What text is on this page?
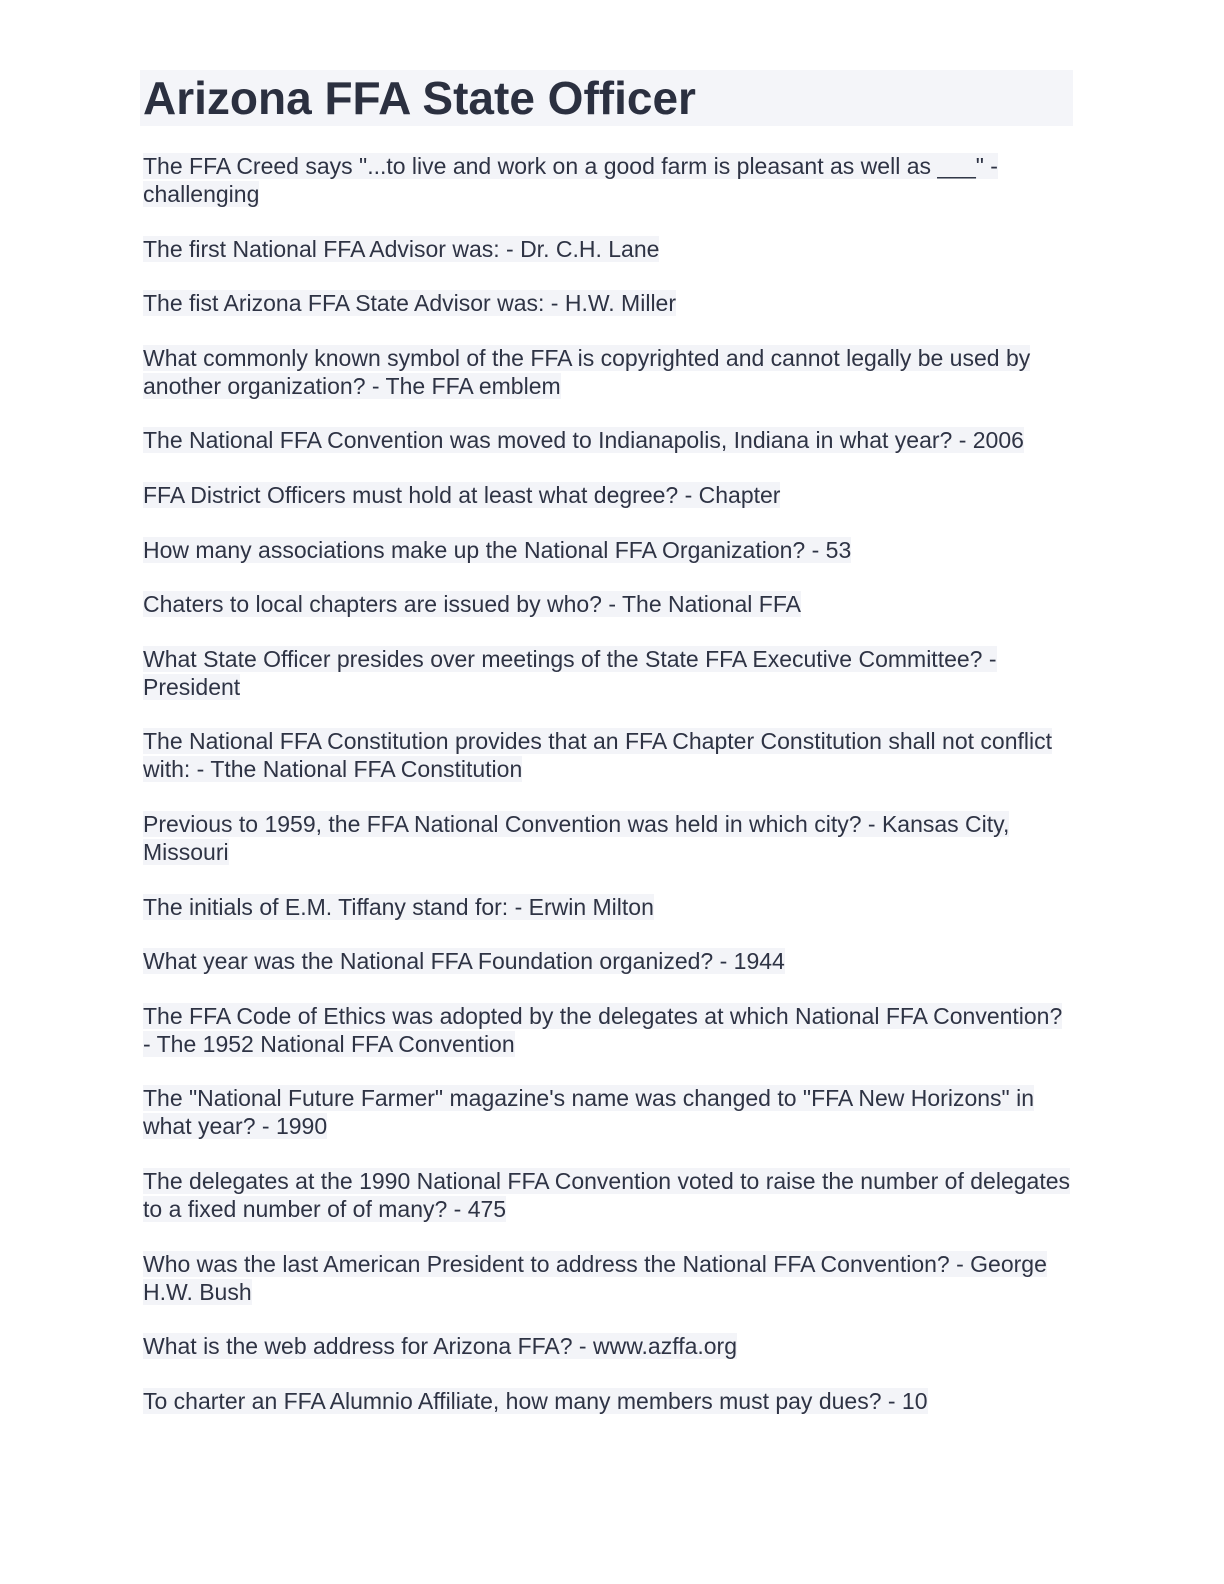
Arizona FFA State Officer
The FFA Creed says "...to live and work on a good farm is pleasant as well as ___" - challenging
The first National FFA Advisor was: - Dr. C.H. Lane
The fist Arizona FFA State Advisor was: - H.W. Miller
What commonly known symbol of the FFA is copyrighted and cannot legally be used by another organization? - The FFA emblem
The National FFA Convention was moved to Indianapolis, Indiana in what year? - 2006
FFA District Officers must hold at least what degree? - Chapter
How many associations make up the National FFA Organization? - 53
Chaters to local chapters are issued by who? - The National FFA
What State Officer presides over meetings of the State FFA Executive Committee? - President
The National FFA Constitution provides that an FFA Chapter Constitution shall not conflict with: - Tthe National FFA Constitution
Previous to 1959, the FFA National Convention was held in which city? - Kansas City, Missouri
The initials of E.M. Tiffany stand for: - Erwin Milton
What year was the National FFA Foundation organized? - 1944
The FFA Code of Ethics was adopted by the delegates at which National FFA Convention? - The 1952 National FFA Convention
The "National Future Farmer" magazine's name was changed to "FFA New Horizons" in what year? - 1990
The delegates at the 1990 National FFA Convention voted to raise the number of delegates to a fixed number of of many? - 475
Who was the last American President to address the National FFA Convention? - George H.W. Bush
What is the web address for Arizona FFA? - www.azffa.org
To charter an FFA Alumnio Affiliate, how many members must pay dues? - 10
